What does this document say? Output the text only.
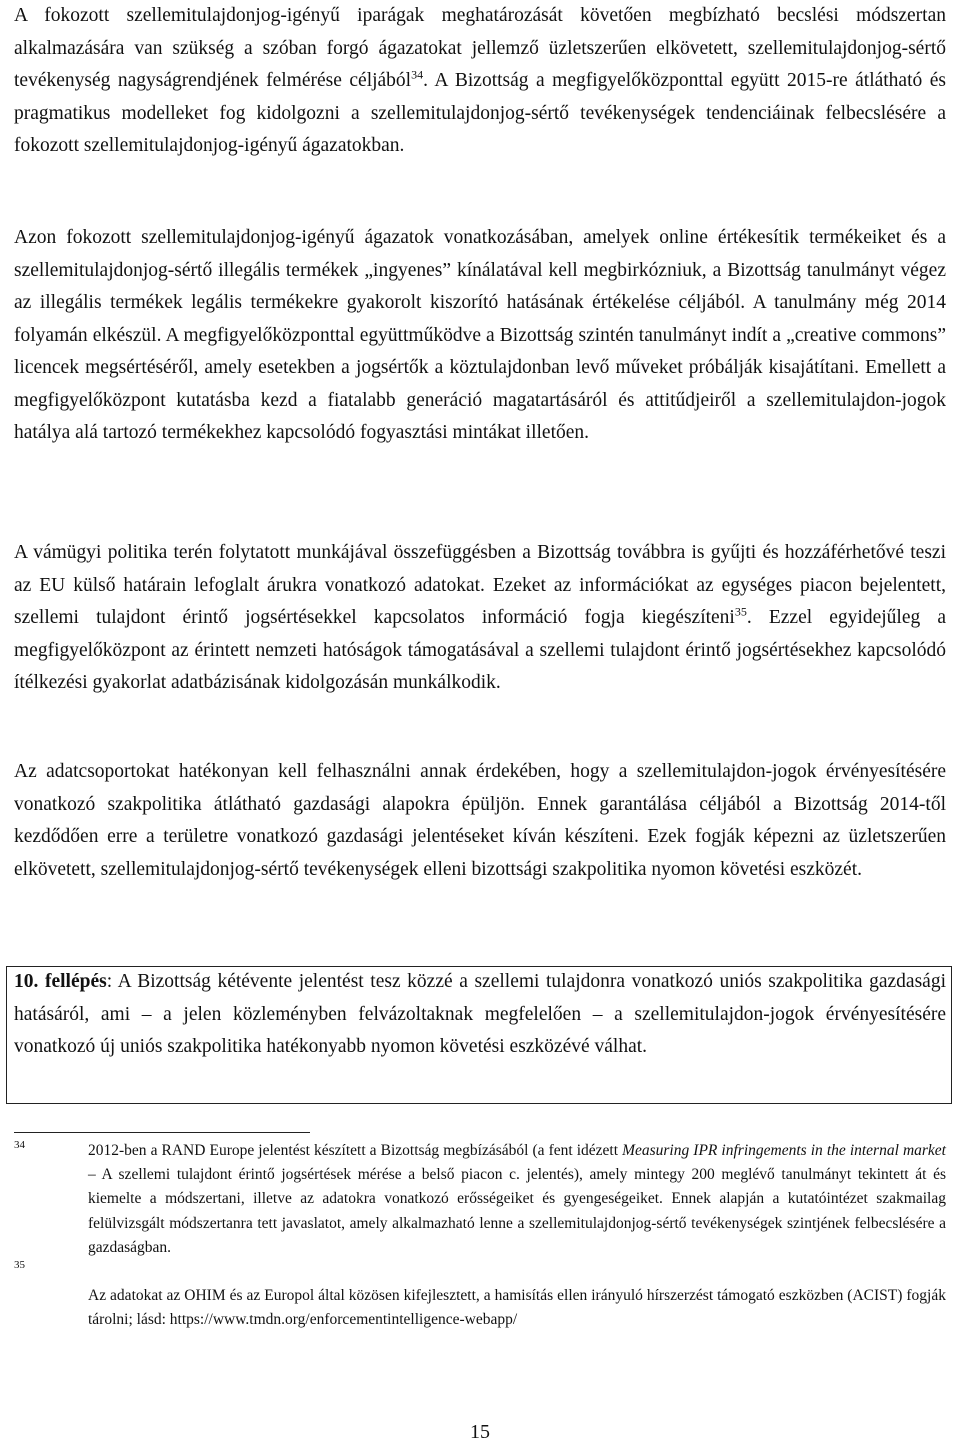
A fokozott szellemitulajdonjog-igényű iparágak meghatározását követően megbízható becslési módszertan alkalmazására van szükség a szóban forgó ágazatokat jellemző üzletszerűen elkövetett, szellemitulajdonjog-sértő tevékenység nagyságrendjének felmérése céljából$^{34}$. A Bizottság a megfigyelőközponttal együtt 2015-re átlátható és pragmatikus modelleket fog kidolgozni a szellemitulajdonjog-sértő tevékenységek tendenciáinak felbecslésére a fokozott szellemitulajdonjog-igényű ágazatokban.

Azon fokozott szellemitulajdonjog-igényű ágazatok vonatkozásában, amelyek online értékesítik termékeiket és a szellemitulajdonjog-sértő illegális termékek „ingyenes” kínálatával kell megbirkózniuk, a Bizottság tanulmányt végez az illegális termékek legális termékekre gyakorolt kiszorító hatásának értékelése céljából. A tanulmány még 2014 folyamán elkészül. A megfigyelőközponttal együttműködve a Bizottság szintén tanulmányt indít a „creative commons” licencek megsértéséről, amely esetekben a jogsértők a köztulajdonban levő műveket próbálják kisajátítani. Emellett a megfigyelőközpont kutatásba kezd a fiatalabb generáció magatartásáról és attitűdjeiről a szellemitulajdon-jogok hatálya alá tartozó termékekhez kapcsolódó fogyasztási mintákat illetően.

A vámügyi politika terén folytatott munkájával összefüggésben a Bizottság továbbra is gyűjti és hozzáférhetővé teszi az EU külső határain lefoglalt árukra vonatkozó adatokat. Ezeket az információkat az egységes piacon bejelentett, szellemi tulajdont érintő jogsértésekkel kapcsolatos információ fogja kiegészíteni$^{35}$. Ezzel egyidejűleg a megfigyelőközpont az érintett nemzeti hatóságok támogatásával a szellemi tulajdont érintő jogsértésekhez kapcsolódó ítélkezési gyakorlat adatbázisának kidolgozásán munkálkodik.

Az adatcsoportokat hatékonyan kell felhasználni annak érdekében, hogy a szellemitulajdon-jogok érvényesítésére vonatkozó szakpolitika átlátható gazdasági alapokra épüljön. Ennek garantálása céljából a Bizottság 2014-től kezdődően erre a területre vonatkozó gazdasági jelentéseket kíván készíteni. Ezek fogják képezni az üzletszerűen elkövetett, szellemitulajdonjog-sértő tevékenységek elleni bizottsági szakpolitika nyomon követési eszközét.

10. fellépés: A Bizottság kétévente jelentést tesz közzé a szellemi tulajdonra vonatkozó uniós szakpolitika gazdasági hatásáról, ami – a jelen közleményben felvázoltaknak megfelelően – a szellemitulajdon-jogok érvényesítésére vonatkozó új uniós szakpolitika hatékonyabb nyomon követési eszközévé válhat.

34	2012-ben a RAND Europe jelentést készített a Bizottság megbízásából (a fent idézett Measuring IPR infringements in the internal market – A szellemi tulajdont érintő jogsértések mérése a belső piacon c. jelentés), amely mintegy 200 meglévő tanulmányt tekintett át és kiemelte a módszertani, illetve az adatokra vonatkozó erősségeiket és gyengeségeiket. Ennek alapján a kutatóintézet szakmailag felülvizsgált módszertanra tett javaslatot, amely alkalmazható lenne a szellemitulajdonjog-sértő tevékenységek szintjének felbecslésére a gazdaságban.

35

Az adatokat az OHIM és az Europol által közösen kifejlesztett, a hamisítás ellen irányuló hírszerzést támogató eszközben (ACIST) fogják tárolni; lásd: https://www.tmdn.org/enforcementintelligence-webapp/

15
